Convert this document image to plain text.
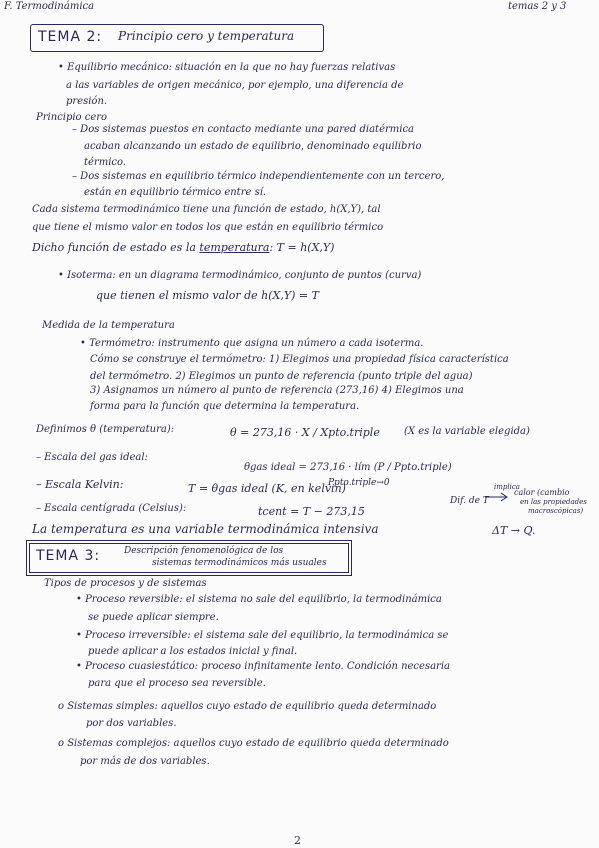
F. Termodinámica	temas 2 y 3
TEMA 2: Principio cero y temperatura
• Equilibrio mecánico: situación en la que no hay fuerzas relativas
a las variables de origen mecánico, por ejemplo, una diferencia de
presión.
Principio cero
– Dos sistemas puestos en contacto mediante una pared diatérmica
acaban alcanzando un estado de equilibrio, denominado equilibrio
térmico.
– Dos sistemas en equilibrio térmico independientemente con un tercero,
están en equilibrio térmico entre sí.
Cada sistema termodinámico tiene una función de estado, h(X,Y), tal
que tiene el mismo valor en todos los que están en equilibrio térmico
Dicho función de estado es la temperatura: T = h(X,Y)
• Isoterma: en un diagrama termodinámico, conjunto de puntos (curva)
que tienen el mismo valor de h(X,Y) = T
Medida de la temperatura
• Termómetro: instrumento que asigna un número a cada isoterma.
Cómo se construye el termómetro: 1) Elegimos una propiedad física característica
del termómetro. 2) Elegimos un punto de referencia (punto triple del agua)
3) Asignamos un número al punto de referencia (273,16) 4) Elegimos una
forma para la función que determina la temperatura.
Definimos θ (temperatura):	θ = 273,16 · X / Xpto.triple (X es la variable elegida)
– Escala del gas ideal:
θgas ideal = 273,16 · lím (P / Ppto.triple)
Ppto.triple→0
– Escala Kelvin:	T = θgas ideal (K, en kelvin)
– Escala centígrada (Celsius):	tcent = T − 273,15
Dif. de T
implica
calor (cambio
en las propiedades
macroscópicas)
La temperatura es una variable termodinámica intensiva	ΔT → Q.
TEMA 3:	Descripción fenomenológica de los
sistemas termodinámicos más usuales
Tipos de procesos y de sistemas
• Proceso reversible: el sistema no sale del equilibrio, la termodinámica
se puede aplicar siempre.
• Proceso irreversible: el sistema sale del equilibrio, la termodinámica se
puede aplicar a los estados inicial y final.
• Proceso cuasiestático: proceso infinitamente lento. Condición necesaria
para que el proceso sea reversible.
o Sistemas simples: aquellos cuyo estado de equilibrio queda determinado
por dos variables.
o Sistemas complejos: aquellos cuyo estado de equilibrio queda determinado
por más de dos variables.
2
